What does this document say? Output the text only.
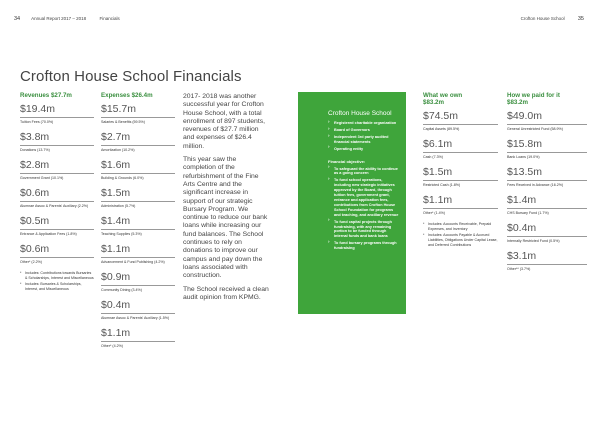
34 Annual Report 2017 – 2018	Financials	Crofton House School 35
Crofton House School Financials
Revenues $27.7m
$19.4m
Tuition Fees (70.0%)
$3.8m
Donations (13.7%)
$2.8m
Government Grant (10.1%)
$0.6m
Alumnae Assoc & Parents' Auxiliary (2.2%)
$0.5m
Entrance & Application Fees (1.8%)
$0.6m
Other* (2.2%)
* Includes: Contributions towards Bursaries & Scholarships, Interest and Miscellaneous
* Includes: Bursaries & Scholarships, Interest, and Miscellaneous
Expenses $26.4m
$15.7m
Salaries & Benefits (59.5%)
$2.7m
Amortization (10.2%)
$1.6m
Building & Grounds (6.0%)
$1.5m
Administration (5.7%)
$1.4m
Teaching Supplies (5.3%)
$1.1m
Advancement & Fund Publishing (4.2%)
$0.9m
Community Dining (3.4%)
$0.4m
Alumnae Assoc & Parents' Auxiliary (1.5%)
$1.1m
Other* (4.2%)

2017- 2018 was another successful year for Crofton House School, with a total enrollment of 897 students, revenues of $27.7 million and expenses of $26.4 million.

This year saw the completion of the refurbishment of the Fine Arts Centre and the significant increase in support of our strategic Bursary Program. We continue to reduce our bank loans while increasing our fund balances. The School continues to rely on donations to improve our campus and pay down the loans associated with construction.

The School received a clean audit opinion from KPMG.

Crofton House School
› Registered charitable organization
› Board of Governors
› Independent 3rd party audited financial statements
› Operating entity
Financial objective:
› To safeguard the ability to continue as a going concern
› To fund school operations, including new strategic initiatives approved by the Board, through tuition fees, government grant, entrance and application fees, contributions from Crofton House School Foundation for programs and teaching, and ancillary revenue
› To fund capital projects through fundraising, with any remaining portion to be funded through internal funds and bank loans
› To fund bursary programs through fundraising
What we own
$83.2m
$74.5m
Capital Assets (89.5%)
$6.1m
Cash (7.3%)
$1.5m
Restricted Cash (1.8%)
$1.1m
Other* (1.4%)
* Includes: Accounts Receivable, Prepaid Expenses, and Inventory
* Includes: Accounts Payable & Accrued Liabilities, Obligations Under Capital Lease, and Deferred Contributions
How we paid for it
$83.2m
$49.0m
General Unrestricted Fund (58.9%)
$15.8m
Bank Loans (19.0%)
$13.5m
Fees Received in Advance (16.2%)
$1.4m
CHS Bursary Fund (1.7%)
$0.4m
Internally Restricted Fund (0.5%)
$3.1m
Other** (3.7%)
